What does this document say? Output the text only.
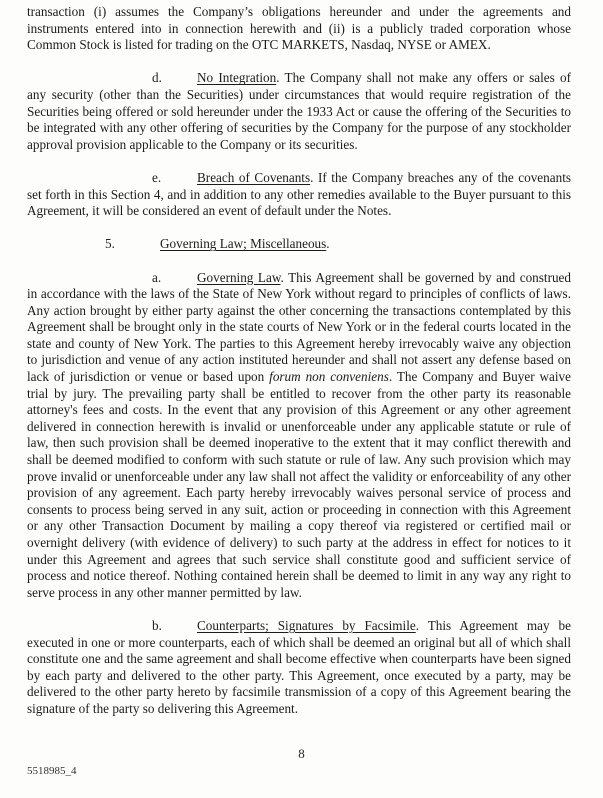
transaction (i) assumes the Company’s obligations hereunder and under the agreements and instruments entered into in connection herewith and (ii) is a publicly traded corporation whose Common Stock is listed for trading on the OTC MARKETS, Nasdaq, NYSE or AMEX.

d.	No Integration. The Company shall not make any offers or sales of any security (other than the Securities) under circumstances that would require registration of the Securities being offered or sold hereunder under the 1933 Act or cause the offering of the Securities to be integrated with any other offering of securities by the Company for the purpose of any stockholder approval provision applicable to the Company or its securities.

e.	Breach of Covenants. If the Company breaches any of the covenants set forth in this Section 4, and in addition to any other remedies available to the Buyer pursuant to this Agreement, it will be considered an event of default under the Notes.

5.	Governing Law; Miscellaneous.

a.	Governing Law. This Agreement shall be governed by and construed in accordance with the laws of the State of New York without regard to principles of conflicts of laws. Any action brought by either party against the other concerning the transactions contemplated by this Agreement shall be brought only in the state courts of New York or in the federal courts located in the state and county of New York. The parties to this Agreement hereby irrevocably waive any objection to jurisdiction and venue of any action instituted hereunder and shall not assert any defense based on lack of jurisdiction or venue or based upon forum non conveniens. The Company and Buyer waive trial by jury. The prevailing party shall be entitled to recover from the other party its reasonable attorney's fees and costs. In the event that any provision of this Agreement or any other agreement delivered in connection herewith is invalid or unenforceable under any applicable statute or rule of law, then such provision shall be deemed inoperative to the extent that it may conflict therewith and shall be deemed modified to conform with such statute or rule of law. Any such provision which may prove invalid or unenforceable under any law shall not affect the validity or enforceability of any other provision of any agreement. Each party hereby irrevocably waives personal service of process and consents to process being served in any suit, action or proceeding in connection with this Agreement or any other Transaction Document by mailing a copy thereof via registered or certified mail or overnight delivery (with evidence of delivery) to such party at the address in effect for notices to it under this Agreement and agrees that such service shall constitute good and sufficient service of process and notice thereof. Nothing contained herein shall be deemed to limit in any way any right to serve process in any other manner permitted by law.

b.	Counterparts; Signatures by Facsimile. This Agreement may be executed in one or more counterparts, each of which shall be deemed an original but all of which shall constitute one and the same agreement and shall become effective when counterparts have been signed by each party and delivered to the other party. This Agreement, once executed by a party, may be delivered to the other party hereto by facsimile transmission of a copy of this Agreement bearing the signature of the party so delivering this Agreement.

8
5518985_4
